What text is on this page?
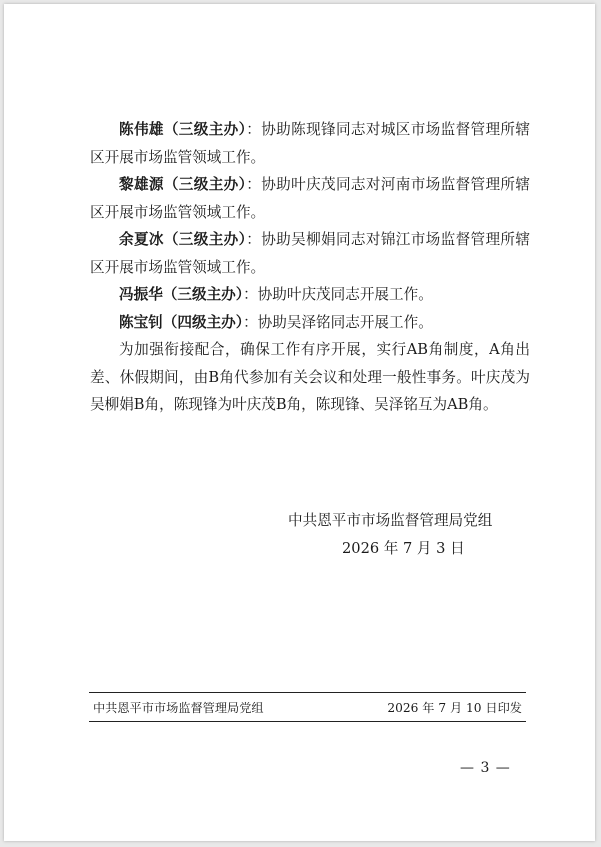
陈伟雄（三级主办）：协助陈现锋同志对城区市场监督管理所辖区开展市场监管领域工作。

黎雄源（三级主办）：协助叶庆茂同志对河南市场监督管理所辖区开展市场监管领域工作。

余夏冰（三级主办）：协助吴柳娟同志对锦江市场监督管理所辖区开展市场监管领域工作。

冯振华（三级主办）：协助叶庆茂同志开展工作。

陈宝钊（四级主办）：协助吴泽铭同志开展工作。

为加强衔接配合，确保工作有序开展，实行AB角制度，A角出差、休假期间，由B角代参加有关会议和处理一般性事务。叶庆茂为吴柳娟B角，陈现锋为叶庆茂B角，陈现锋、吴泽铭互为AB角。

中共恩平市市场监督管理局党组

2026 年 7 月 3 日

中共恩平市市场监督管理局党组	2026 年 7 月 10 日印发
— 3 —
